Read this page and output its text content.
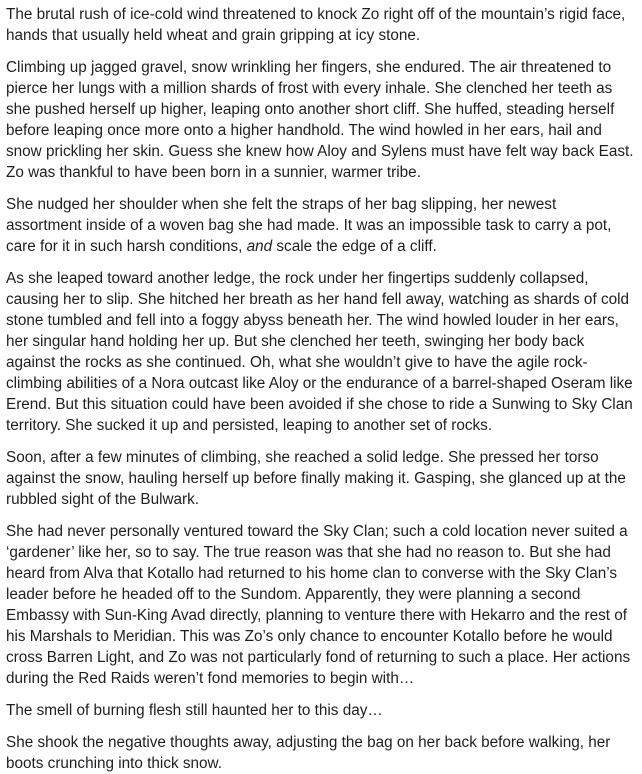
The brutal rush of ice-cold wind threatened to knock Zo right off of the mountain’s rigid face, hands that usually held wheat and grain gripping at icy stone.

Climbing up jagged gravel, snow wrinkling her fingers, she endured. The air threatened to pierce her lungs with a million shards of frost with every inhale. She clenched her teeth as she pushed herself up higher, leaping onto another short cliff. She huffed, steading herself before leaping once more onto a higher handhold. The wind howled in her ears, hail and snow prickling her skin. Guess she knew how Aloy and Sylens must have felt way back East. Zo was thankful to have been born in a sunnier, warmer tribe.

She nudged her shoulder when she felt the straps of her bag slipping, her newest assortment inside of a woven bag she had made. It was an impossible task to carry a pot, care for it in such harsh conditions, and scale the edge of a cliff.

As she leaped toward another ledge, the rock under her fingertips suddenly collapsed, causing her to slip. She hitched her breath as her hand fell away, watching as shards of cold stone tumbled and fell into a foggy abyss beneath her. The wind howled louder in her ears, her singular hand holding her up. But she clenched her teeth, swinging her body back against the rocks as she continued. Oh, what she wouldn’t give to have the agile rock-climbing abilities of a Nora outcast like Aloy or the endurance of a barrel-shaped Oseram like Erend. But this situation could have been avoided if she chose to ride a Sunwing to Sky Clan territory. She sucked it up and persisted, leaping to another set of rocks.

Soon, after a few minutes of climbing, she reached a solid ledge. She pressed her torso against the snow, hauling herself up before finally making it. Gasping, she glanced up at the rubbled sight of the Bulwark.

She had never personally ventured toward the Sky Clan; such a cold location never suited a ‘gardener’ like her, so to say. The true reason was that she had no reason to. But she had heard from Alva that Kotallo had returned to his home clan to converse with the Sky Clan’s leader before he headed off to the Sundom. Apparently, they were planning a second Embassy with Sun-King Avad directly, planning to venture there with Hekarro and the rest of his Marshals to Meridian. This was Zo’s only chance to encounter Kotallo before he would cross Barren Light, and Zo was not particularly fond of returning to such a place. Her actions during the Red Raids weren’t fond memories to begin with…

The smell of burning flesh still haunted her to this day…

She shook the negative thoughts away, adjusting the bag on her back before walking, her boots crunching into thick snow.
